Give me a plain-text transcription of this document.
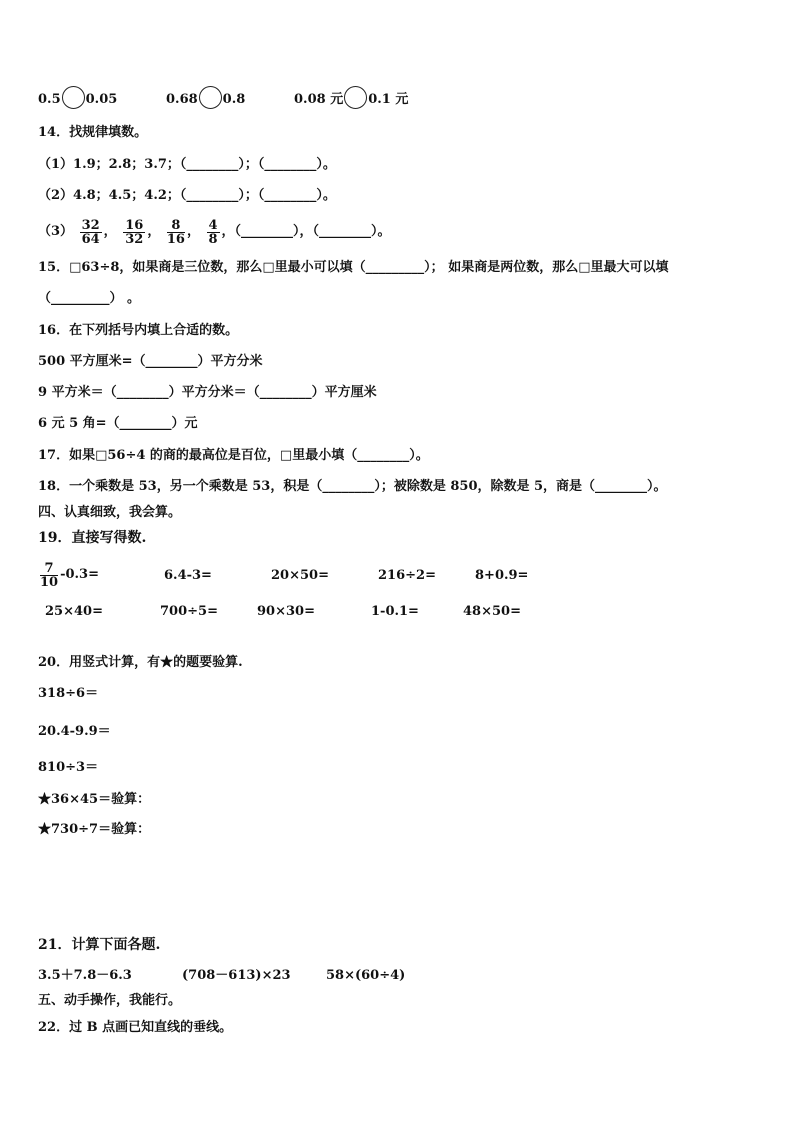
0.5 0.05	0.68 0.8	0.08 元 0.1 元
14．找规律填数。
（1）1.9；2.8；3.7；（________）；（________）。
（2）4.8；4.5；4.2；（________）；（________）。
$(3) \frac{32}{64}$ ， $\frac{16}{32}$ ， $\frac{8}{16}$ ， $\frac{4}{8}$ ，（________），（________）。
15．□63÷8，如果商是三位数，那么□里最小可以填（_________）； 如果商是两位数，那么□里最大可以填
（_________） 。
16．在下列括号内填上合适的数。
500 平方厘米=（________）平方分米
9 平方米＝（________）平方分米＝（________）平方厘米
6 元 5 角=（________）元
17．如果□56÷4 的商的最高位是百位，□里最小填（________）。
18．一个乘数是 53，另一个乘数是 53，积是（________）；被除数是 850，除数是 5，商是（________）。
四、认真细致，我会算。
19．直接写得数.
$\frac{7}{10} -0.3=$	6.4-3=	20×50=	216÷2=	8+0.9=
25×40=	700÷5=	90×30=	1-0.1=	48×50=
20．用竖式计算，有★的题要验算.
318÷6＝
20.4-9.9＝
810÷3＝
★36×45＝验算：
★730÷7＝验算：
21．计算下面各题.
3.5＋7.8－6.3	(708－613)×23	58×(60÷4)
五、动手操作，我能行。
22．过 B 点画已知直线的垂线。
